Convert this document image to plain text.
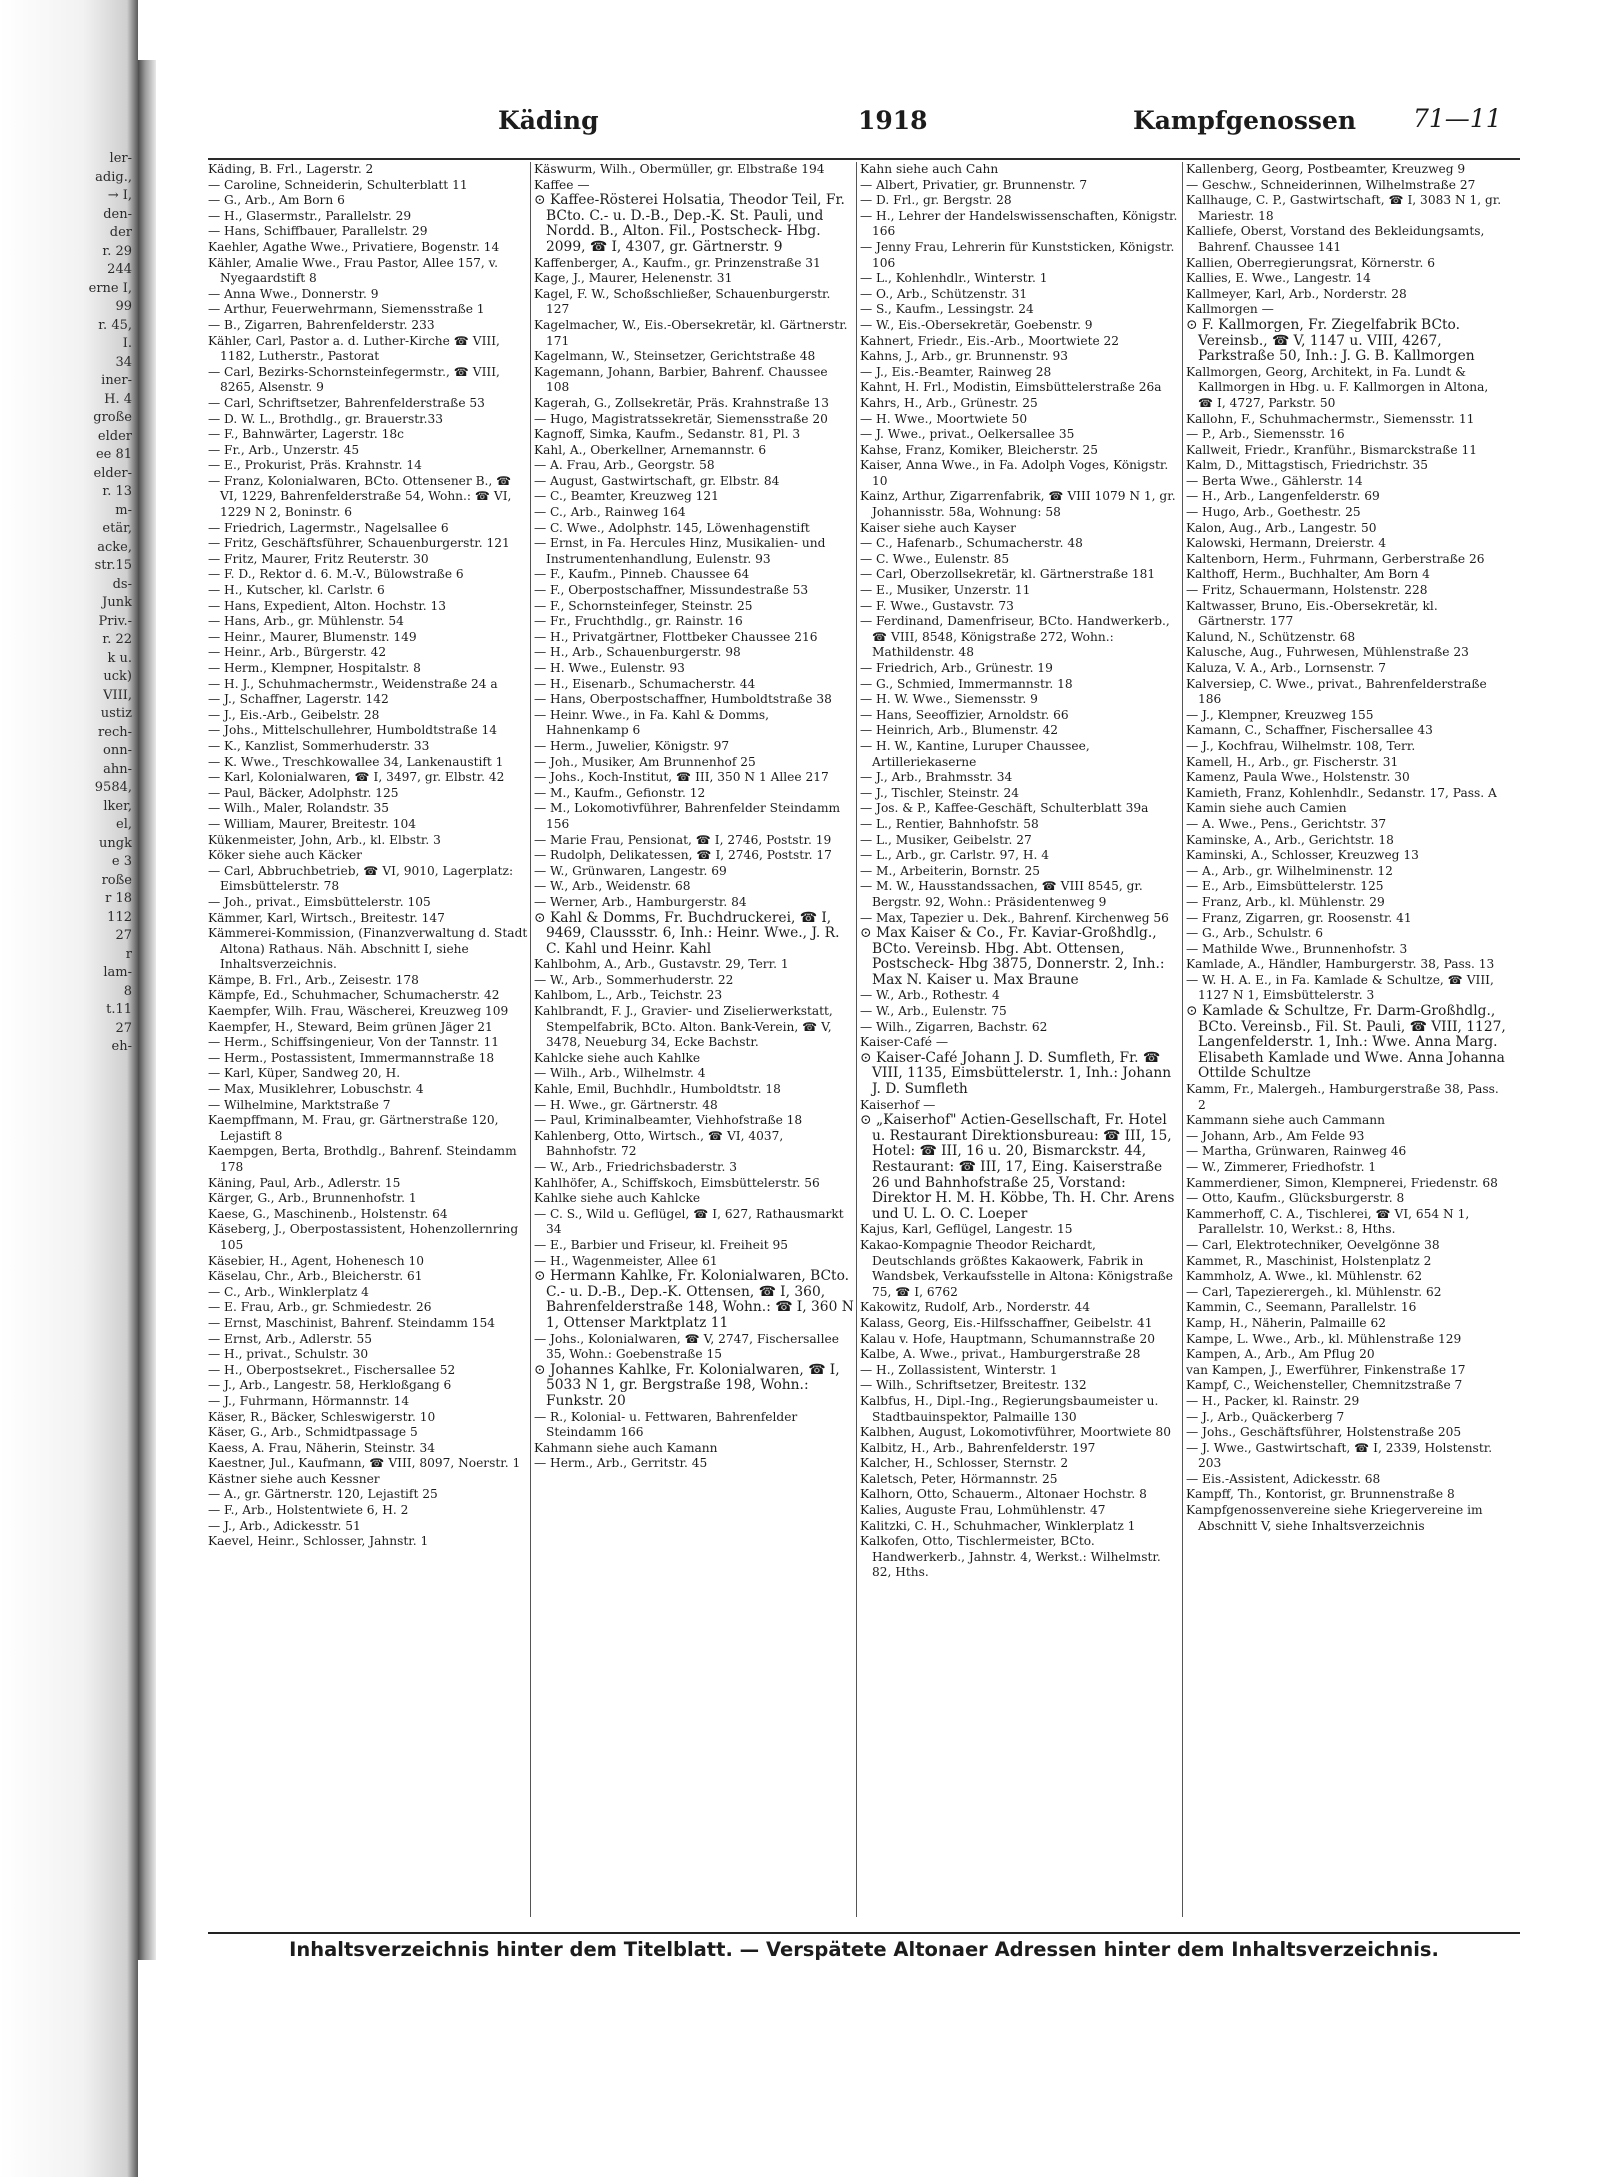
ler-
adig.,
→ I,
den-
der
r. 29
244
erne I,
99
r. 45,
I.
34
iner-
H. 4
große
elder
ee 81
elder-
r. 13
m-
etär,
acke,
str.15
ds-
Junk
Priv.-
r. 22
k u.
uck)
VIII,
ustiz
rech-
onn-
ahn-
9584,
lker,
el,
ungk
e 3
roße
r 18
112
27
r
lam-
8
t.11
27
eh-
Käding	1918	Kampfgenossen 71—11

Käding, B. Frl., Lagerstr. 2

— Caroline, Schneiderin, Schulterblatt 11

— G., Arb., Am Born 6

— H., Glasermstr., Parallelstr. 29

— Hans, Schiffbauer, Parallelstr. 29

Kaehler, Agathe Wwe., Privatiere, Bogenstr. 14

Kähler, Amalie Wwe., Frau Pastor, Allee 157, v. Nyegaardstift 8

— Anna Wwe., Donnerstr. 9

— Arthur, Feuerwehrmann, Siemensstraße 1

— B., Zigarren, Bahrenfelderstr. 233

Kähler, Carl, Pastor a. d. Luther-Kirche ☎ VIII, 1182, Lutherstr., Pastorat

— Carl, Bezirks-Schornsteinfegermstr., ☎ VIII, 8265, Alsenstr. 9

— Carl, Schriftsetzer, Bahrenfelderstraße 53

— D. W. L., Brothdlg., gr. Brauerstr.33

— F., Bahnwärter, Lagerstr. 18c

— Fr., Arb., Unzerstr. 45

— E., Prokurist, Präs. Krahnstr. 14

— Franz, Kolonialwaren, BCto. Ottensener B., ☎ VI, 1229, Bahrenfelderstraße 54, Wohn.: ☎ VI, 1229 N 2, Boninstr. 6

— Friedrich, Lagermstr., Nagelsallee 6

— Fritz, Geschäftsführer, Schauenburgerstr. 121

— Fritz, Maurer, Fritz Reuterstr. 30

— F. D., Rektor d. 6. M.-V., Bülowstraße 6

— H., Kutscher, kl. Carlstr. 6

— Hans, Expedient, Alton. Hochstr. 13

— Hans, Arb., gr. Mühlenstr. 54

— Heinr., Maurer, Blumenstr. 149

— Heinr., Arb., Bürgerstr. 42

— Herm., Klempner, Hospitalstr. 8

— H. J., Schuhmachermstr., Weidenstraße 24 a

— J., Schaffner, Lagerstr. 142

— J., Eis.-Arb., Geibelstr. 28

— Johs., Mittelschullehrer, Humboldtstraße 14

— K., Kanzlist, Sommerhuderstr. 33

— K. Wwe., Treschkowallee 34, Lankenaustift 1

— Karl, Kolonialwaren, ☎ I, 3497, gr. Elbstr. 42

— Paul, Bäcker, Adolphstr. 125

— Wilh., Maler, Rolandstr. 35

— William, Maurer, Breitestr. 104

Kükenmeister, John, Arb., kl. Elbstr. 3

Köker siehe auch Käcker

— Carl, Abbruchbetrieb, ☎ VI, 9010, Lagerplatz: Eimsbüttelerstr. 78

— Joh., privat., Eimsbüttelerstr. 105

Kämmer, Karl, Wirtsch., Breitestr. 147

Kämmerei-Kommission, (Finanzverwaltung d. Stadt Altona) Rathaus. Näh. Abschnitt I, siehe Inhaltsverzeichnis.

Kämpe, B. Frl., Arb., Zeisestr. 178

Kämpfe, Ed., Schuhmacher, Schumacherstr. 42

Kaempfer, Wilh. Frau, Wäscherei, Kreuzweg 109

Kaempfer, H., Steward, Beim grünen Jäger 21

— Herm., Schiffsingenieur, Von der Tannstr. 11

— Herm., Postassistent, Immermannstraße 18

— Karl, Küper, Sandweg 20, H.

— Max, Musiklehrer, Lobuschstr. 4

— Wilhelmine, Marktstraße 7

Kaempffmann, M. Frau, gr. Gärtnerstraße 120, Lejastift 8

Kaempgen, Berta, Brothdlg., Bahrenf. Steindamm 178

Käning, Paul, Arb., Adlerstr. 15

Kärger, G., Arb., Brunnenhofstr. 1

Kaese, G., Maschinenb., Holstenstr. 64

Käseberg, J., Oberpostassistent, Hohenzollernring 105

Käsebier, H., Agent, Hohenesch 10

Käselau, Chr., Arb., Bleicherstr. 61

— C., Arb., Winklerplatz 4

— E. Frau, Arb., gr. Schmiedestr. 26

— Ernst, Maschinist, Bahrenf. Steindamm 154

— Ernst, Arb., Adlerstr. 55

— H., privat., Schulstr. 30

— H., Oberpostsekret., Fischersallee 52

— J., Arb., Langestr. 58, Herkloßgang 6

— J., Fuhrmann, Hörmannstr. 14

Käser, R., Bäcker, Schleswigerstr. 10

Käser, G., Arb., Schmidtpassage 5

Kaess, A. Frau, Näherin, Steinstr. 34

Kaestner, Jul., Kaufmann, ☎ VIII, 8097, Noerstr. 1

Kästner siehe auch Kessner

— A., gr. Gärtnerstr. 120, Lejastift 25

— F., Arb., Holstentwiete 6, H. 2

— J., Arb., Adickesstr. 51

Kaevel, Heinr., Schlosser, Jahnstr. 1

Käswurm, Wilh., Obermüller, gr. Elbstraße 194

Kaffee —

⊙ Kaffee-Rösterei Holsatia, Theodor Teil, Fr. BCto. C.- u. D.-B., Dep.-K. St. Pauli, und Nordd. B., Alton. Fil., Postscheck- Hbg. 2099, ☎ I, 4307, gr. Gärtnerstr. 9

Kaffenberger, A., Kaufm., gr. Prinzenstraße 31

Kage, J., Maurer, Helenenstr. 31

Kagel, F. W., Schoßschließer, Schauenburgerstr. 127

Kagelmacher, W., Eis.-Obersekretär, kl. Gärtnerstr. 171

Kagelmann, W., Steinsetzer, Gerichtstraße 48

Kagemann, Johann, Barbier, Bahrenf. Chaussee 108

Kagerah, G., Zollsekretär, Präs. Krahnstraße 13

— Hugo, Magistratssekretär, Siemensstraße 20

Kagnoff, Simka, Kaufm., Sedanstr. 81, Pl. 3

Kahl, A., Oberkellner, Arnemannstr. 6

— A. Frau, Arb., Georgstr. 58

— August, Gastwirtschaft, gr. Elbstr. 84

— C., Beamter, Kreuzweg 121

— C., Arb., Rainweg 164

— C. Wwe., Adolphstr. 145, Löwenhagenstift

— Ernst, in Fa. Hercules Hinz, Musikalien- und Instrumentenhandlung, Eulenstr. 93

— F., Kaufm., Pinneb. Chaussee 64

— F., Oberpostschaffner, Missundestraße 53

— F., Schornsteinfeger, Steinstr. 25

— Fr., Fruchthdlg., gr. Rainstr. 16

— H., Privatgärtner, Flottbeker Chaussee 216

— H., Arb., Schauenburgerstr. 98

— H. Wwe., Eulenstr. 93

— H., Eisenarb., Schumacherstr. 44

— Hans, Oberpostschaffner, Humboldtstraße 38

— Heinr. Wwe., in Fa. Kahl & Domms, Hahnenkamp 6

— Herm., Juwelier, Königstr. 97

— Joh., Musiker, Am Brunnenhof 25

— Johs., Koch-Institut, ☎ III, 350 N 1 Allee 217

— M., Kaufm., Gefionstr. 12

— M., Lokomotivführer, Bahrenfelder Steindamm 156

— Marie Frau, Pensionat, ☎ I, 2746, Poststr. 19

— Rudolph, Delikatessen, ☎ I, 2746, Poststr. 17

— W., Grünwaren, Langestr. 69

— W., Arb., Weidenstr. 68

— Werner, Arb., Hamburgerstr. 84

⊙ Kahl & Domms, Fr. Buchdruckerei, ☎ I, 9469, Claussstr. 6, Inh.: Heinr. Wwe., J. R. C. Kahl und Heinr. Kahl

Kahlbohm, A., Arb., Gustavstr. 29, Terr. 1

— W., Arb., Sommerhuderstr. 22

Kahlbom, L., Arb., Teichstr. 23

Kahlbrandt, F. J., Gravier- und Ziselierwerkstatt, Stempelfabrik, BCto. Alton. Bank-Verein, ☎ V, 3478, Neueburg 34, Ecke Bachstr.

Kahlcke siehe auch Kahlke

— Wilh., Arb., Wilhelmstr. 4

Kahle, Emil, Buchhdlr., Humboldtstr. 18

— H. Wwe., gr. Gärtnerstr. 48

— Paul, Kriminalbeamter, Viehhofstraße 18

Kahlenberg, Otto, Wirtsch., ☎ VI, 4037, Bahnhofstr. 72

— W., Arb., Friedrichsbaderstr. 3

Kahlhöfer, A., Schiffskoch, Eimsbüttelerstr. 56

Kahlke siehe auch Kahlcke

— C. S., Wild u. Geflügel, ☎ I, 627, Rathausmarkt 34

— E., Barbier und Friseur, kl. Freiheit 95

— H., Wagenmeister, Allee 61

⊙ Hermann Kahlke, Fr. Kolonialwaren, BCto. C.- u. D.-B., Dep.-K. Ottensen, ☎ I, 360, Bahrenfelderstraße 148, Wohn.: ☎ I, 360 N 1, Ottenser Marktplatz 11

— Johs., Kolonialwaren, ☎ V, 2747, Fischersallee 35, Wohn.: Goebenstraße 15

⊙ Johannes Kahlke, Fr. Kolonialwaren, ☎ I, 5033 N 1, gr. Bergstraße 198, Wohn.: Funkstr. 20

— R., Kolonial- u. Fettwaren, Bahrenfelder Steindamm 166

Kahmann siehe auch Kamann

— Herm., Arb., Gerritstr. 45

Kahn siehe auch Cahn

— Albert, Privatier, gr. Brunnenstr. 7

— D. Frl., gr. Bergstr. 28

— H., Lehrer der Handelswissenschaften, Königstr. 166

— Jenny Frau, Lehrerin für Kunststicken, Königstr. 106

— L., Kohlenhdlr., Winterstr. 1

— O., Arb., Schützenstr. 31

— S., Kaufm., Lessingstr. 24

— W., Eis.-Obersekretär, Goebenstr. 9

Kahnert, Friedr., Eis.-Arb., Moortwiete 22

Kahns, J., Arb., gr. Brunnenstr. 93

— J., Eis.-Beamter, Rainweg 28

Kahnt, H. Frl., Modistin, Eimsbüttelerstraße 26a

Kahrs, H., Arb., Grünestr. 25

— H. Wwe., Moortwiete 50

— J. Wwe., privat., Oelkersallee 35

Kahse, Franz, Komiker, Bleicherstr. 25

Kaiser, Anna Wwe., in Fa. Adolph Voges, Königstr. 10

Kainz, Arthur, Zigarrenfabrik, ☎ VIII 1079 N 1, gr. Johannisstr. 58a, Wohnung: 58

Kaiser siehe auch Kayser

— C., Hafenarb., Schumacherstr. 48

— C. Wwe., Eulenstr. 85

— Carl, Oberzollsekretär, kl. Gärtnerstraße 181

— E., Musiker, Unzerstr. 11

— F. Wwe., Gustavstr. 73

— Ferdinand, Damenfriseur, BCto. Handwerkerb., ☎ VIII, 8548, Königstraße 272, Wohn.: Mathildenstr. 48

— Friedrich, Arb., Grünestr. 19

— G., Schmied, Immermannstr. 18

— H. W. Wwe., Siemensstr. 9

— Hans, Seeoffizier, Arnoldstr. 66

— Heinrich, Arb., Blumenstr. 42

— H. W., Kantine, Luruper Chaussee, Artilleriekaserne

— J., Arb., Brahmsstr. 34

— J., Tischler, Steinstr. 24

— Jos. & P., Kaffee-Geschäft, Schulterblatt 39a

— L., Rentier, Bahnhofstr. 58

— L., Musiker, Geibelstr. 27

— L., Arb., gr. Carlstr. 97, H. 4

— M., Arbeiterin, Bornstr. 25

— M. W., Hausstandssachen, ☎ VIII 8545, gr. Bergstr. 92, Wohn.: Präsidentenweg 9

— Max, Tapezier u. Dek., Bahrenf. Kirchenweg 56

⊙ Max Kaiser & Co., Fr. Kaviar-Großhdlg., BCto. Vereinsb. Hbg. Abt. Ottensen, Postscheck- Hbg 3875, Donnerstr. 2, Inh.: Max N. Kaiser u. Max Braune

— W., Arb., Rothestr. 4

— W., Arb., Eulenstr. 75

— Wilh., Zigarren, Bachstr. 62

Kaiser-Café —

⊙ Kaiser-Café Johann J. D. Sumfleth, Fr. ☎ VIII, 1135, Eimsbüttelerstr. 1, Inh.: Johann J. D. Sumfleth

Kaiserhof —

⊙ „Kaiserhof" Actien-Gesellschaft, Fr. Hotel u. Restaurant Direktionsbureau: ☎ III, 15, Hotel: ☎ III, 16 u. 20, Bismarckstr. 44, Restaurant: ☎ III, 17, Eing. Kaiserstraße 26 und Bahnhofstraße 25, Vorstand: Direktor H. M. H. Köbbe, Th. H. Chr. Arens und U. L. O. C. Loeper

Kajus, Karl, Geflügel, Langestr. 15

Kakao-Kompagnie Theodor Reichardt, Deutschlands größtes Kakaowerk, Fabrik in Wandsbek, Verkaufsstelle in Altona: Königstraße 75, ☎ I, 6762

Kakowitz, Rudolf, Arb., Norderstr. 44

Kalass, Georg, Eis.-Hilfsschaffner, Geibelstr. 41

Kalau v. Hofe, Hauptmann, Schumannstraße 20

Kalbe, A. Wwe., privat., Hamburgerstraße 28

— H., Zollassistent, Winterstr. 1

— Wilh., Schriftsetzer, Breitestr. 132

Kalbfus, H., Dipl.-Ing., Regierungsbaumeister u. Stadtbauinspektor, Palmaille 130

Kalbhen, August, Lokomotivführer, Moortwiete 80

Kalbitz, H., Arb., Bahrenfelderstr. 197

Kalcher, H., Schlosser, Sternstr. 2

Kaletsch, Peter, Hörmannstr. 25

Kalhorn, Otto, Schauerm., Altonaer Hochstr. 8

Kalies, Auguste Frau, Lohmühlenstr. 47

Kalitzki, C. H., Schuhmacher, Winklerplatz 1

Kalkofen, Otto, Tischlermeister, BCto. Handwerkerb., Jahnstr. 4, Werkst.: Wilhelmstr. 82, Hths.

Kallenberg, Georg, Postbeamter, Kreuzweg 9

— Geschw., Schneiderinnen, Wilhelmstraße 27

Kallhauge, C. P., Gastwirtschaft, ☎ I, 3083 N 1, gr. Mariestr. 18

Kalliefe, Oberst, Vorstand des Bekleidungsamts, Bahrenf. Chaussee 141

Kallien, Oberregierungsrat, Körnerstr. 6

Kallies, E. Wwe., Langestr. 14

Kallmeyer, Karl, Arb., Norderstr. 28

Kallmorgen —

⊙ F. Kallmorgen, Fr. Ziegelfabrik BCto. Vereinsb., ☎ V, 1147 u. VIII, 4267, Parkstraße 50, Inh.: J. G. B. Kallmorgen

Kallmorgen, Georg, Architekt, in Fa. Lundt & Kallmorgen in Hbg. u. F. Kallmorgen in Altona, ☎ I, 4727, Parkstr. 50

Kallohn, F., Schuhmachermstr., Siemensstr. 11

— P., Arb., Siemensstr. 16

Kallweit, Friedr., Kranführ., Bismarckstraße 11

Kalm, D., Mittagstisch, Friedrichstr. 35

— Berta Wwe., Gählerstr. 14

— H., Arb., Langenfelderstr. 69

— Hugo, Arb., Goethestr. 25

Kalon, Aug., Arb., Langestr. 50

Kalowski, Hermann, Dreierstr. 4

Kaltenborn, Herm., Fuhrmann, Gerberstraße 26

Kalthoff, Herm., Buchhalter, Am Born 4

— Fritz, Schauermann, Holstenstr. 228

Kaltwasser, Bruno, Eis.-Obersekretär, kl. Gärtnerstr. 177

Kalund, N., Schützenstr. 68

Kalusche, Aug., Fuhrwesen, Mühlenstraße 23

Kaluza, V. A., Arb., Lornsenstr. 7

Kalversiep, C. Wwe., privat., Bahrenfelderstraße 186

— J., Klempner, Kreuzweg 155

Kamann, C., Schaffner, Fischersallee 43

— J., Kochfrau, Wilhelmstr. 108, Terr.

Kamell, H., Arb., gr. Fischerstr. 31

Kamenz, Paula Wwe., Holstenstr. 30

Kamieth, Franz, Kohlenhdlr., Sedanstr. 17, Pass. A

Kamin siehe auch Camien

— A. Wwe., Pens., Gerichtstr. 37

Kaminske, A., Arb., Gerichtstr. 18

Kaminski, A., Schlosser, Kreuzweg 13

— A., Arb., gr. Wilhelminenstr. 12

— E., Arb., Eimsbüttelerstr. 125

— Franz, Arb., kl. Mühlenstr. 29

— Franz, Zigarren, gr. Roosenstr. 41

— G., Arb., Schulstr. 6

— Mathilde Wwe., Brunnenhofstr. 3

Kamlade, A., Händler, Hamburgerstr. 38, Pass. 13

— W. H. A. E., in Fa. Kamlade & Schultze, ☎ VIII, 1127 N 1, Eimsbüttelerstr. 3

⊙ Kamlade & Schultze, Fr. Darm-Großhdlg., BCto. Vereinsb., Fil. St. Pauli, ☎ VIII, 1127, Langenfelderstr. 1, Inh.: Wwe. Anna Marg. Elisabeth Kamlade und Wwe. Anna Johanna Ottilde Schultze

Kamm, Fr., Malergeh., Hamburgerstraße 38, Pass. 2

Kammann siehe auch Cammann

— Johann, Arb., Am Felde 93

— Martha, Grünwaren, Rainweg 46

— W., Zimmerer, Friedhofstr. 1

Kammerdiener, Simon, Klempnerei, Friedenstr. 68

— Otto, Kaufm., Glücksburgerstr. 8

Kammerhoff, C. A., Tischlerei, ☎ VI, 654 N 1, Parallelstr. 10, Werkst.: 8, Hths.

— Carl, Elektrotechniker, Oevelgönne 38

Kammet, R., Maschinist, Holstenplatz 2

Kammholz, A. Wwe., kl. Mühlenstr. 62

— Carl, Tapezierergeh., kl. Mühlenstr. 62

Kammin, C., Seemann, Parallelstr. 16

Kamp, H., Näherin, Palmaille 62

Kampe, L. Wwe., Arb., kl. Mühlenstraße 129

Kampen, A., Arb., Am Pflug 20

van Kampen, J., Ewerführer, Finkenstraße 17

Kampf, C., Weichensteller, Chemnitzstraße 7

— H., Packer, kl. Rainstr. 29

— J., Arb., Quäckerberg 7

— Johs., Geschäftsführer, Holstenstraße 205

— J. Wwe., Gastwirtschaft, ☎ I, 2339, Holstenstr. 203

— Eis.-Assistent, Adickesstr. 68

Kampff, Th., Kontorist, gr. Brunnenstraße 8

Kampfgenossenvereine siehe Kriegervereine im Abschnitt V, siehe Inhaltsverzeichnis

Inhaltsverzeichnis hinter dem Titelblatt. — Verspätete Altonaer Adressen hinter dem Inhaltsverzeichnis.
